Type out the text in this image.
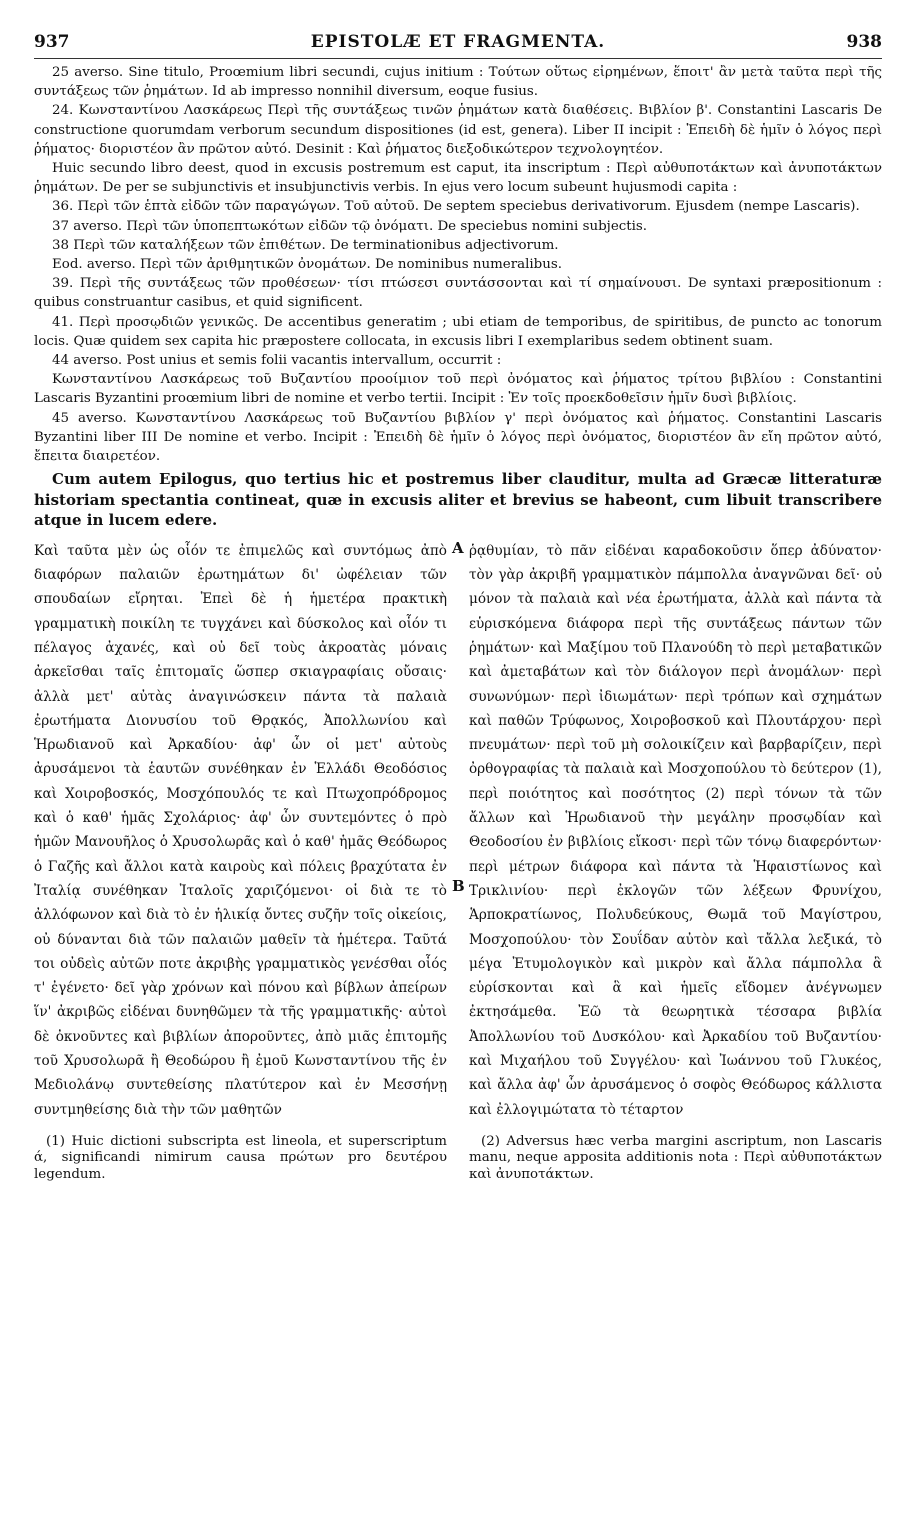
937	EPISTOLÆ ET FRAGMENTA.	938

25 averso. Sine titulo, Proœmium libri secundi, cujus initium : Τούτων οὕτως εἰρημένων, ἕποιτ' ἂν μετὰ ταῦτα περὶ τῆς συντάξεως τῶν ῥημάτων. Id ab impresso nonnihil diversum, eoque fusius.

24. Κωνσταντίνου Λασκάρεως Περὶ τῆς συντάξεως τινῶν ῥημάτων κατὰ διαθέσεις. Βιβλίον β'. Constantini Lascaris De constructione quorumdam verborum secundum dispositiones (id est, genera). Liber II incipit : Ἐπειδὴ δὲ ἡμῖν ὁ λόγος περὶ ῥήματος· διοριστέον ἂν πρῶτον αὐτό. Desinit : Καὶ ῥήματος διεξοδικώτερον τεχνολογητέον.

Huic secundo libro deest, quod in excusis postremum est caput, ita inscriptum : Περὶ αὐθυποτάκτων καὶ ἀνυποτάκτων ῥημάτων. De per se subjunctivis et insubjunctivis verbis. In ejus vero locum subeunt hujusmodi capita :

36. Περὶ τῶν ἑπτὰ εἰδῶν τῶν παραγώγων. Τοῦ αὐτοῦ. De septem speciebus derivativorum. Ejusdem (nempe Lascaris).

37 averso. Περὶ τῶν ὑποπεπτωκότων εἰδῶν τῷ ὀνόματι. De speciebus nomini subjectis.

38 Περὶ τῶν καταλήξεων τῶν ἐπιθέτων. De terminationibus adjectivorum.

Eod. averso. Περὶ τῶν ἀριθμητικῶν ὀνομάτων. De nominibus numeralibus.

39. Περὶ τῆς συντάξεως τῶν προθέσεων· τίσι πτώσεσι συντάσσονται καὶ τί σημαίνουσι. De syntaxi præpositionum : quibus construantur casibus, et quid significent.

41. Περὶ προσῳδιῶν γενικῶς. De accentibus generatim ; ubi etiam de temporibus, de spiritibus, de puncto ac tonorum locis. Quæ quidem sex capita hic præpostere collocata, in excusis libri I exemplaribus sedem obtinent suam.

44 averso. Post unius et semis folii vacantis intervallum, occurrit :

Κωνσταντίνου Λασκάρεως τοῦ Βυζαντίου προοίμιον τοῦ περὶ ὀνόματος καὶ ῥήματος τρίτου βιβλίου : Constantini Lascaris Byzantini proœmium libri de nomine et verbo tertii. Incipit : Ἐν τοῖς προεκδοθεῖσιν ἡμῖν δυσὶ βιβλίοις.

45 averso. Κωνσταντίνου Λασκάρεως τοῦ Βυζαντίου βιβλίον γ' περὶ ὀνόματος καὶ ῥήματος. Constantini Lascaris Byzantini liber III De nomine et verbo. Incipit : Ἐπειδὴ δὲ ἡμῖν ὁ λόγος περὶ ὀνόματος, διοριστέον ἂν εἴη πρῶτον αὐτό, ἔπειτα διαιρετέον.

Cum autem Epilogus, quo tertius hic et postremus liber clauditur, multa ad Græcæ litteraturæ historiam spectantia contineat, quæ in excusis aliter et brevius se habeont, cum libuit transcribere atque in lucem edere.

A
B

Καὶ ταῦτα μὲν ὡς οἷόν τε ἐπιμελῶς καὶ συντόμως ἀπὸ διαφόρων παλαιῶν ἐρωτημάτων δι' ὠφέλειαν τῶν σπουδαίων εἴρηται. Ἐπεὶ δὲ ἡ ἡμετέρα πρακτικὴ γραμματικὴ ποικίλη τε τυγχάνει καὶ δύσκολος καὶ οἷόν τι πέλαγος ἀχανές, καὶ οὐ δεῖ τοὺς ἀκροατὰς μόναις ἀρκεῖσθαι ταῖς ἐπιτομαῖς ὥσπερ σκιαγραφίαις οὔσαις· ἀλλὰ μετ' αὐτὰς ἀναγινώσκειν πάντα τὰ παλαιὰ ἐρωτήματα Διονυσίου τοῦ Θρᾳκός, Ἀπολλωνίου καὶ Ἡρωδιανοῦ καὶ Ἀρκαδίου· ἀφ' ὧν οἱ μετ' αὐτοὺς ἀρυσάμενοι τὰ ἑαυτῶν συνέθηκαν ἐν Ἑλλάδι Θεοδόσιος καὶ Χοιροβοσκός, Μοσχόπουλός τε καὶ Πτωχοπρόδρομος καὶ ὁ καθ' ἡμᾶς Σχολάριος· ἀφ' ὧν συντεμόντες ὁ πρὸ ἡμῶν Μανουῆλος ὁ Χρυσολωρᾶς καὶ ὁ καθ' ἡμᾶς Θεόδωρος ὁ Γαζῆς καὶ ἄλλοι κατὰ καιροὺς καὶ πόλεις βραχύτατα ἐν Ἰταλίᾳ συνέθηκαν Ἰταλοῖς χαριζόμενοι· οἱ διὰ τε τὸ ἀλλόφωνον καὶ διὰ τὸ ἐν ἡλικίᾳ ὄντες συζῆν τοῖς οἰκείοις, οὐ δύνανται διὰ τῶν παλαιῶν μαθεῖν τὰ ἡμέτερα. Ταῦτά τοι οὐδεὶς αὐτῶν ποτε ἀκριβὴς γραμματικὸς γενέσθαι οἷός τ' ἐγένετο· δεῖ γὰρ χρόνων καὶ πόνου καὶ βίβλων ἀπείρων ἵν' ἀκριβῶς εἰδέναι δυνηθῶμεν τὰ τῆς γραμματικῆς· αὐτοὶ δὲ ὀκνοῦντες καὶ βιβλίων ἀποροῦντες, ἀπὸ μιᾶς ἐπιτομῆς τοῦ Χρυσολωρᾶ ἢ Θεοδώρου ἢ ἐμοῦ Κωνσταντίνου τῆς ἐν Μεδιολάνῳ συντεθείσης πλατύτερον καὶ ἐν Μεσσήνῃ συντμηθείσης διὰ τὴν τῶν μαθητῶν

ῥᾳθυμίαν, τὸ πᾶν εἰδέναι καραδοκοῦσιν ὅπερ ἀδύνατον· τὸν γὰρ ἀκριβῆ γραμματικὸν πάμπολλα ἀναγνῶναι δεῖ· οὐ μόνον τὰ παλαιὰ καὶ νέα ἐρωτήματα, ἀλλὰ καὶ πάντα τὰ εὑρισκόμενα διάφορα περὶ τῆς συντάξεως πάντων τῶν ῥημάτων· καὶ Μαξίμου τοῦ Πλανούδη τὸ περὶ μεταβατικῶν καὶ ἀμεταβάτων καὶ τὸν διάλογον περὶ ἀνομάλων· περὶ συνωνύμων· περὶ ἰδιωμάτων· περὶ τρόπων καὶ σχημάτων καὶ παθῶν Τρύφωνος, Χοιροβοσκοῦ καὶ Πλουτάρχου· περὶ πνευμάτων· περὶ τοῦ μὴ σολοικίζειν καὶ βαρβαρίζειν, περὶ ὀρθογραφίας τὰ παλαιὰ καὶ Μοσχοπούλου τὸ δεύτερον (1), περὶ ποιότητος καὶ ποσότητος (2) περὶ τόνων τὰ τῶν ἄλλων καὶ Ἡρωδιανοῦ τὴν μεγάλην προσῳδίαν καὶ Θεοδοσίου ἐν βιβλίοις εἴκοσι· περὶ τῶν τόνῳ διαφερόντων· περὶ μέτρων διάφορα καὶ πάντα τὰ Ἡφαιστίωνος καὶ Τρικλινίου· περὶ ἐκλογῶν τῶν λέξεων Φρυνίχου, Ἁρποκρατίωνος, Πολυδεύκους, Θωμᾶ τοῦ Μαγίστρου, Μοσχοπούλου· τὸν Σουΐδαν αὐτὸν καὶ τἄλλα λεξικά, τὸ μέγα Ἐτυμολογικὸν καὶ μικρὸν καὶ ἄλλα πάμπολλα ἃ εὑρίσκονται καὶ ἃ καὶ ἡμεῖς εἴδομεν ἀνέγνωμεν ἐκτησάμεθα. Ἐῶ τὰ θεωρητικὰ τέσσαρα βιβλία Ἀπολλωνίου τοῦ Δυσκόλου· καὶ Ἀρκαδίου τοῦ Βυζαντίου· καὶ Μιχαήλου τοῦ Συγγέλου· καὶ Ἰωάννου τοῦ Γλυκέος, καὶ ἄλλα ἀφ' ὧν ἀρυσάμενος ὁ σοφὸς Θεόδωρος κάλλιστα καὶ ἐλλογιμώτατα τὸ τέταρτον

(1) Huic dictioni subscripta est lineola, et superscriptum ά, significandi nimirum causa πρώτων pro δευτέρου legendum.
(2) Adversus hæc verba margini ascriptum, non Lascaris manu, neque apposita additionis nota : Περὶ αὐθυποτάκτων καὶ ἀνυποτάκτων.
